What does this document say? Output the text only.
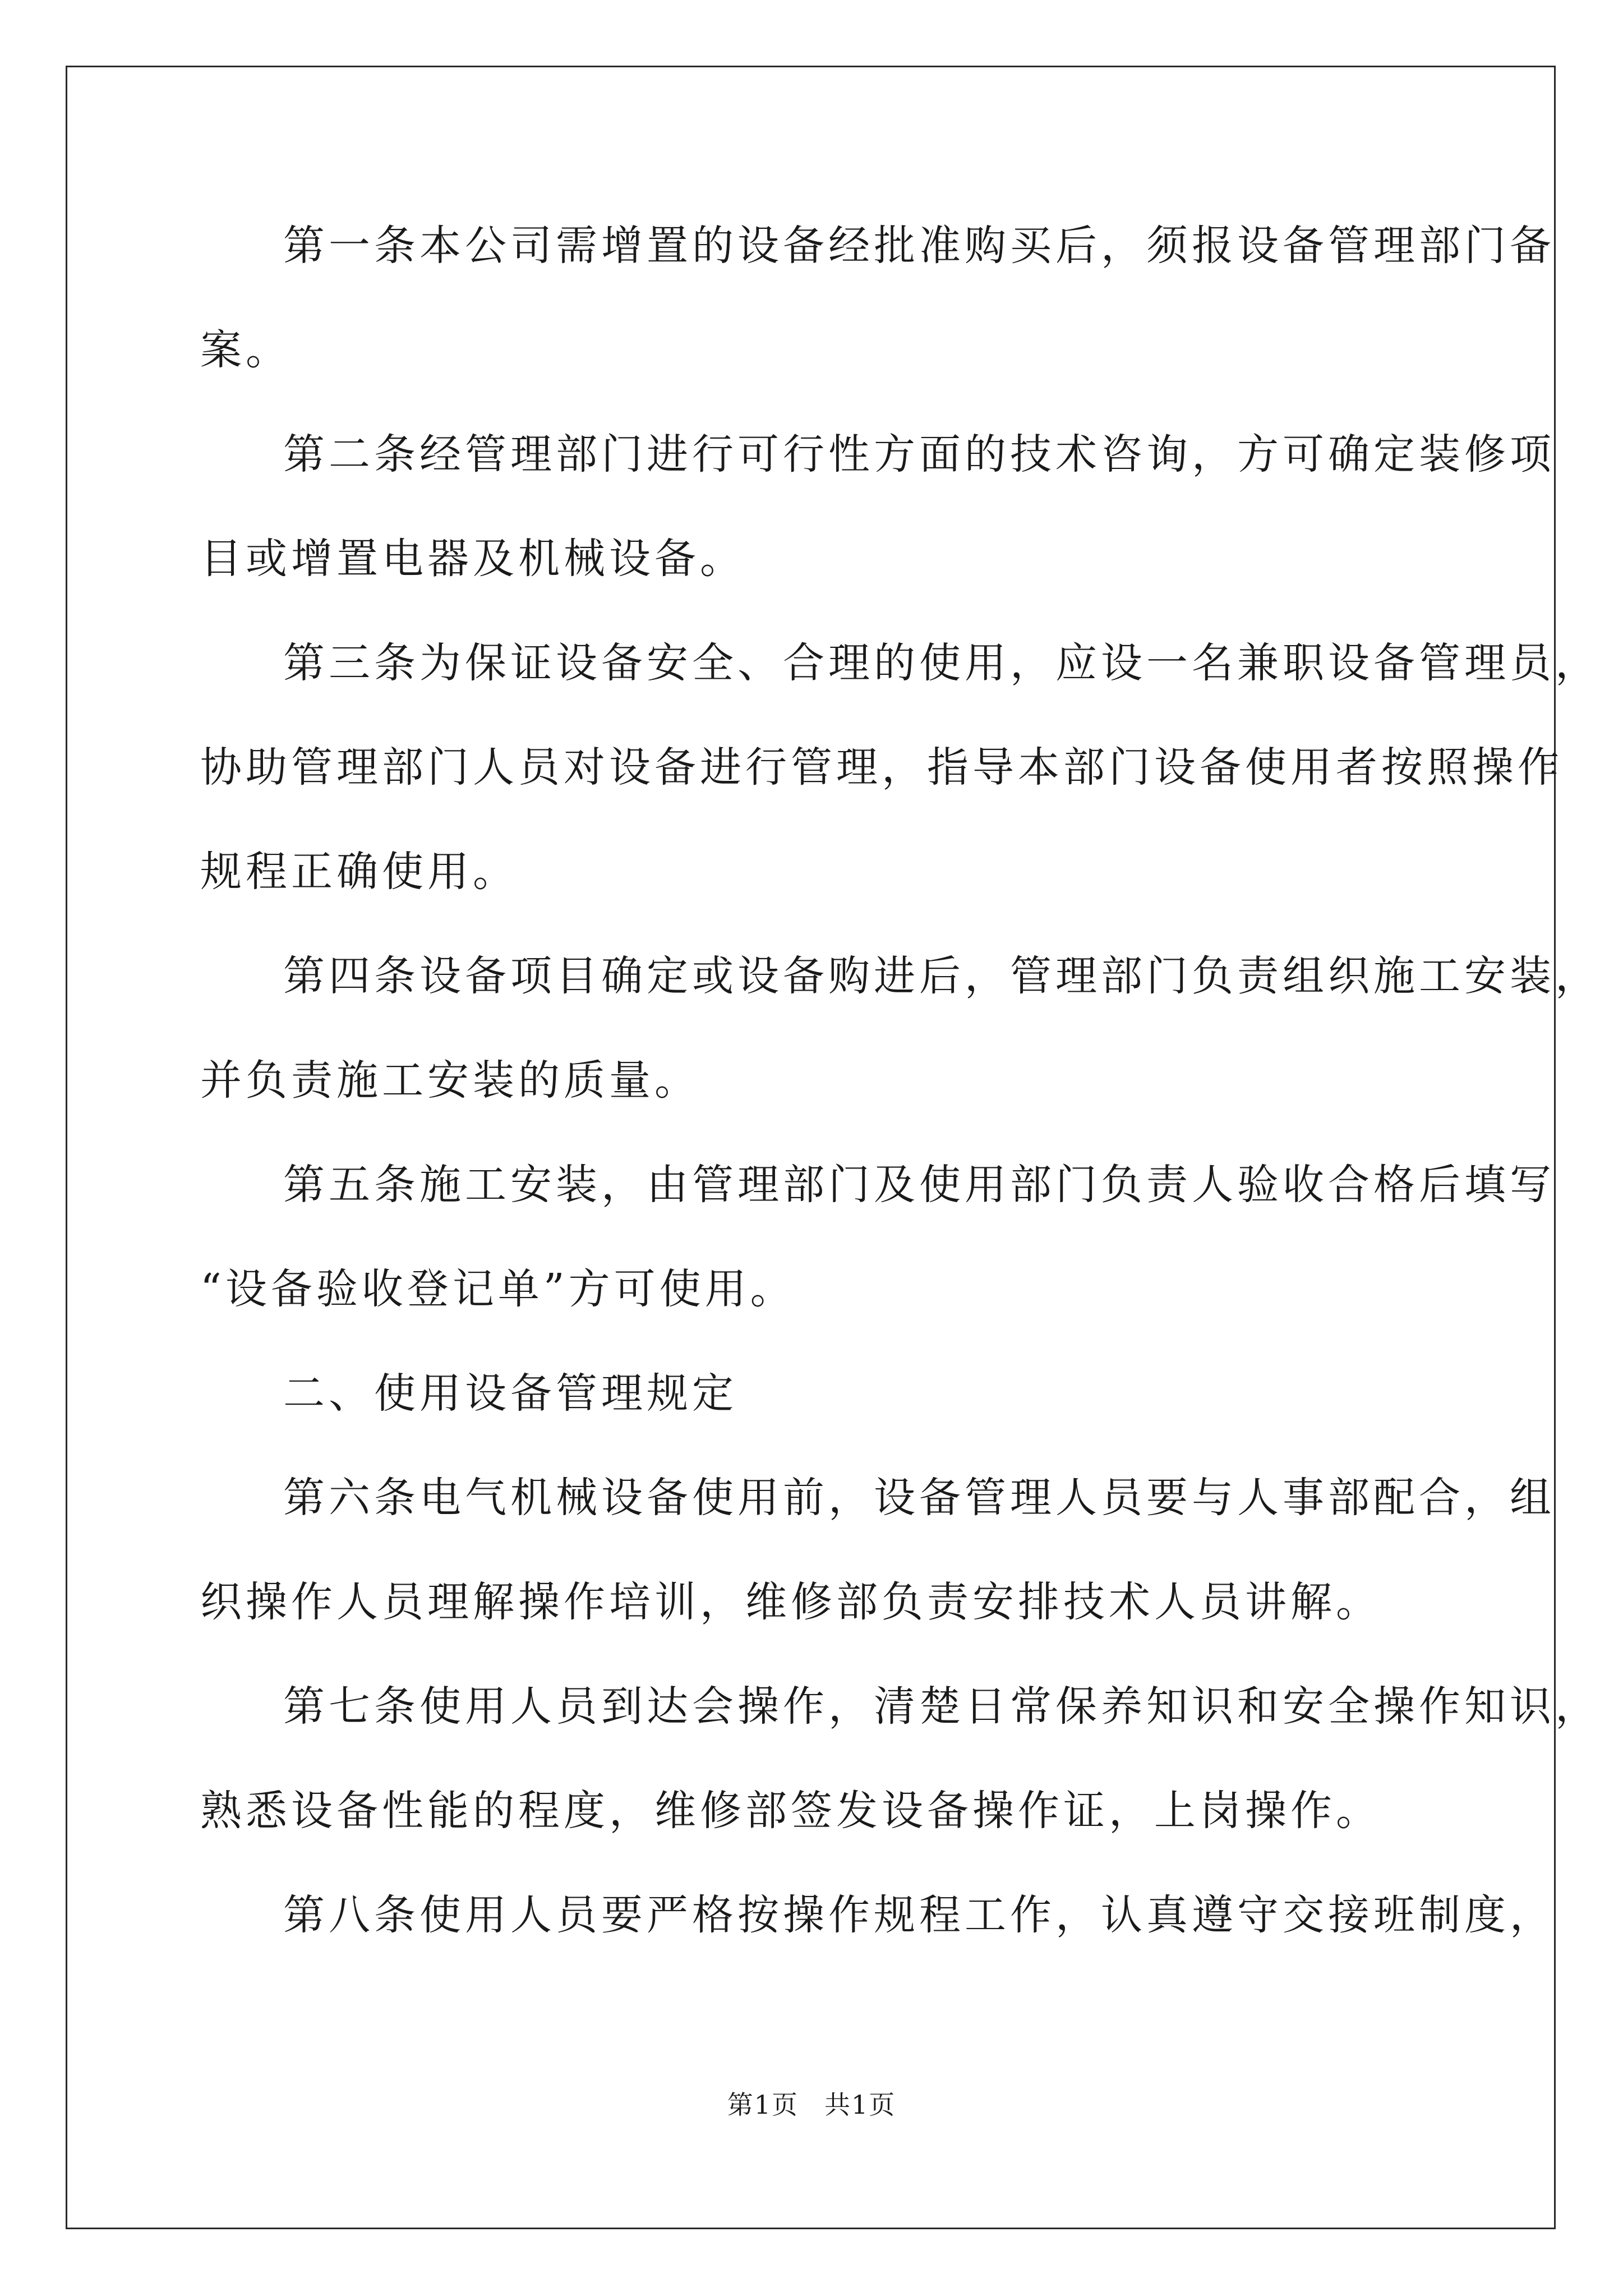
第一条本公司需增置的设备经批准购买后，须报设备管理部门备
案。
第二条经管理部门进行可行性方面的技术咨询，方可确定装修项
目或增置电器及机械设备。
第三条为保证设备安全、合理的使用，应设一名兼职设备管理员，
协助管理部门人员对设备进行管理，指导本部门设备使用者按照操作
规程正确使用。
第四条设备项目确定或设备购进后，管理部门负责组织施工安装，
并负责施工安装的质量。
第五条施工安装，由管理部门及使用部门负责人验收合格后填写
“设备验收登记单”方可使用。
二、使用设备管理规定
第六条电气机械设备使用前，设备管理人员要与人事部配合，组
织操作人员理解操作培训，维修部负责安排技术人员讲解。
第七条使用人员到达会操作，清楚日常保养知识和安全操作知识，
熟悉设备性能的程度，维修部签发设备操作证，上岗操作。
第八条使用人员要严格按操作规程工作，认真遵守交接班制度，
第1页 共1页
